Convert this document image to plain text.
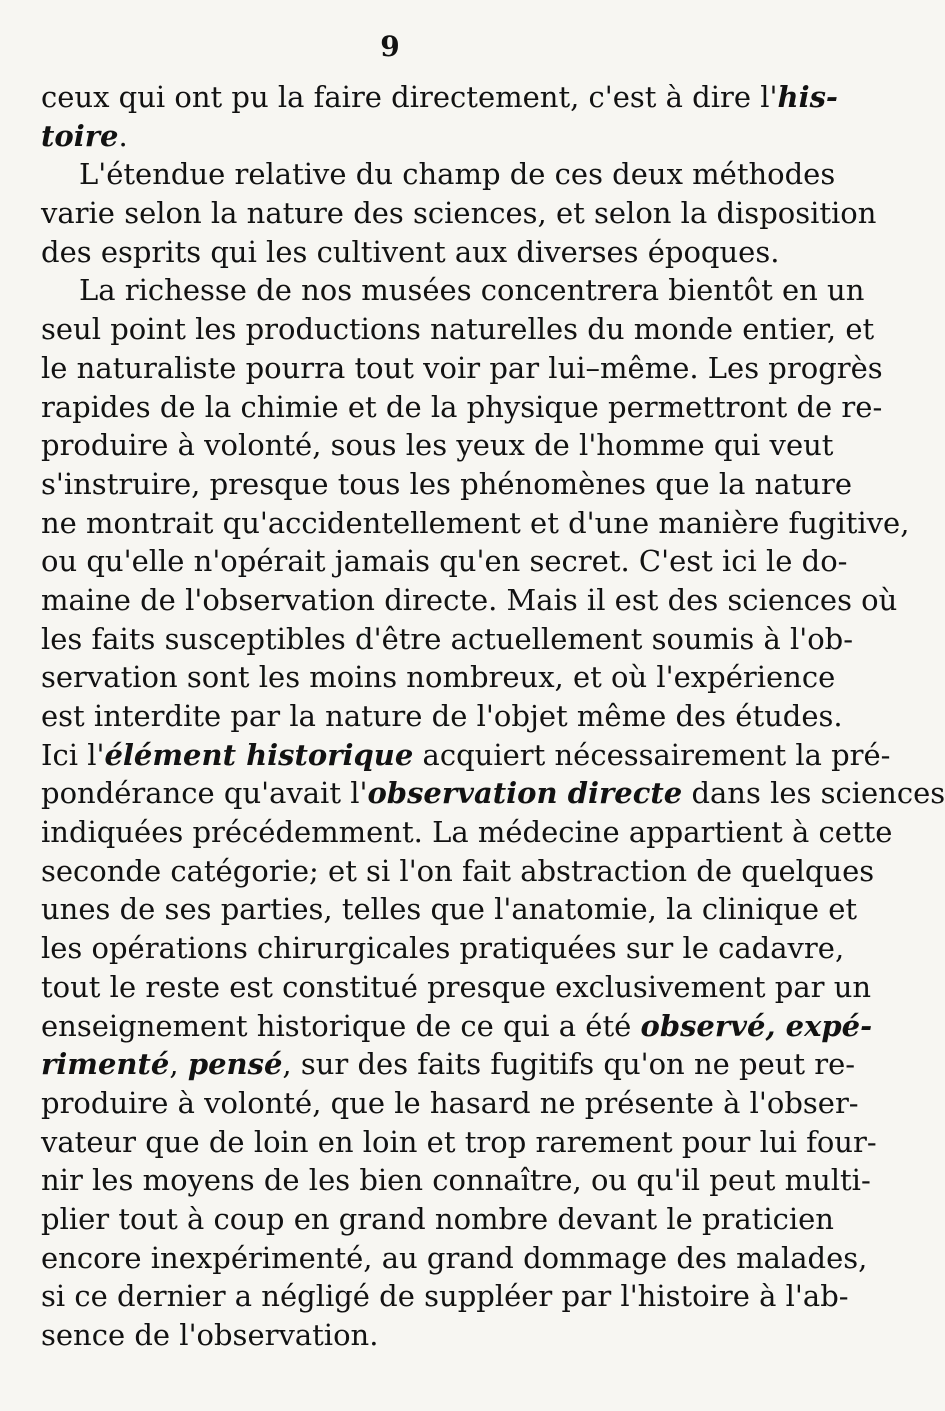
9
ceux qui ont pu la faire directement, c'est à dire l'his-
toire.
L'étendue relative du champ de ces deux méthodes
varie selon la nature des sciences, et selon la disposition
des esprits qui les cultivent aux diverses époques.
La richesse de nos musées concentrera bientôt en un
seul point les productions naturelles du monde entier, et
le naturaliste pourra tout voir par lui–même. Les progrès
rapides de la chimie et de la physique permettront de re-
produire à volonté, sous les yeux de l'homme qui veut
s'instruire, presque tous les phénomènes que la nature
ne montrait qu'accidentellement et d'une manière fugitive,
ou qu'elle n'opérait jamais qu'en secret. C'est ici le do-
maine de l'observation directe. Mais il est des sciences où
les faits susceptibles d'être actuellement soumis à l'ob-
servation sont les moins nombreux, et où l'expérience
est interdite par la nature de l'objet même des études.
Ici l'élément historique acquiert nécessairement la pré-
pondérance qu'avait l'observation directe dans les sciences
indiquées précédemment. La médecine appartient à cette
seconde catégorie; et si l'on fait abstraction de quelques
unes de ses parties, telles que l'anatomie, la clinique et
les opérations chirurgicales pratiquées sur le cadavre,
tout le reste est constitué presque exclusivement par un
enseignement historique de ce qui a été observé, expé-
rimenté, pensé, sur des faits fugitifs qu'on ne peut re-
produire à volonté, que le hasard ne présente à l'obser-
vateur que de loin en loin et trop rarement pour lui four-
nir les moyens de les bien connaître, ou qu'il peut multi-
plier tout à coup en grand nombre devant le praticien
encore inexpérimenté, au grand dommage des malades,
si ce dernier a négligé de suppléer par l'histoire à l'ab-
sence de l'observation.
